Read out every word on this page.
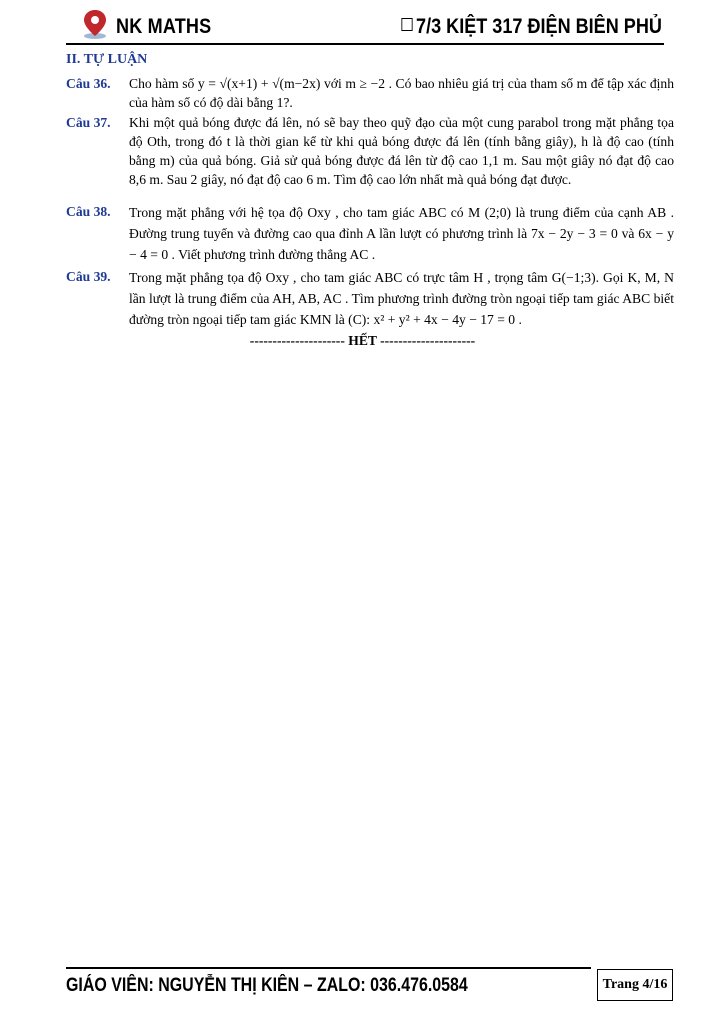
NK MATHS	7/3 KIỆT 317 ĐIỆN BIÊN PHỦ
II. TỰ LUẬN
Câu 36. Cho hàm số y = √(x+1) + √(m−2x) với m ≥ −2 . Có bao nhiêu giá trị của tham số m để tập xác định của hàm số có độ dài bằng 1?.
Câu 37. Khi một quả bóng được đá lên, nó sẽ bay theo quỹ đạo của một cung parabol trong mặt phẳng tọa độ Oth, trong đó t là thời gian kể từ khi quả bóng được đá lên (tính bằng giây), h là độ cao (tính bằng m) của quả bóng. Giả sử quả bóng được đá lên từ độ cao 1,1 m. Sau một giây nó đạt độ cao 8,6 m. Sau 2 giây, nó đạt độ cao 6 m. Tìm độ cao lớn nhất mà quả bóng đạt được.
Câu 38. Trong mặt phẳng với hệ tọa độ Oxy , cho tam giác ABC có M (2;0) là trung điểm của cạnh AB . Đường trung tuyến và đường cao qua đỉnh A lần lượt có phương trình là 7x − 2y − 3 = 0 và 6x − y − 4 = 0 . Viết phương trình đường thẳng AC .
Câu 39. Trong mặt phẳng tọa độ Oxy , cho tam giác ABC có trực tâm H , trọng tâm G(−1;3). Gọi K, M, N lần lượt là trung điểm của AH, AB, AC . Tìm phương trình đường tròn ngoại tiếp tam giác ABC biết đường tròn ngoại tiếp tam giác KMN là (C): x² + y² + 4x − 4y − 17 = 0 .
--------------------- HẾT ---------------------
GIÁO VIÊN: NGUYỄN THỊ KIÊN – ZALO: 036.476.0584	Trang 4/16
